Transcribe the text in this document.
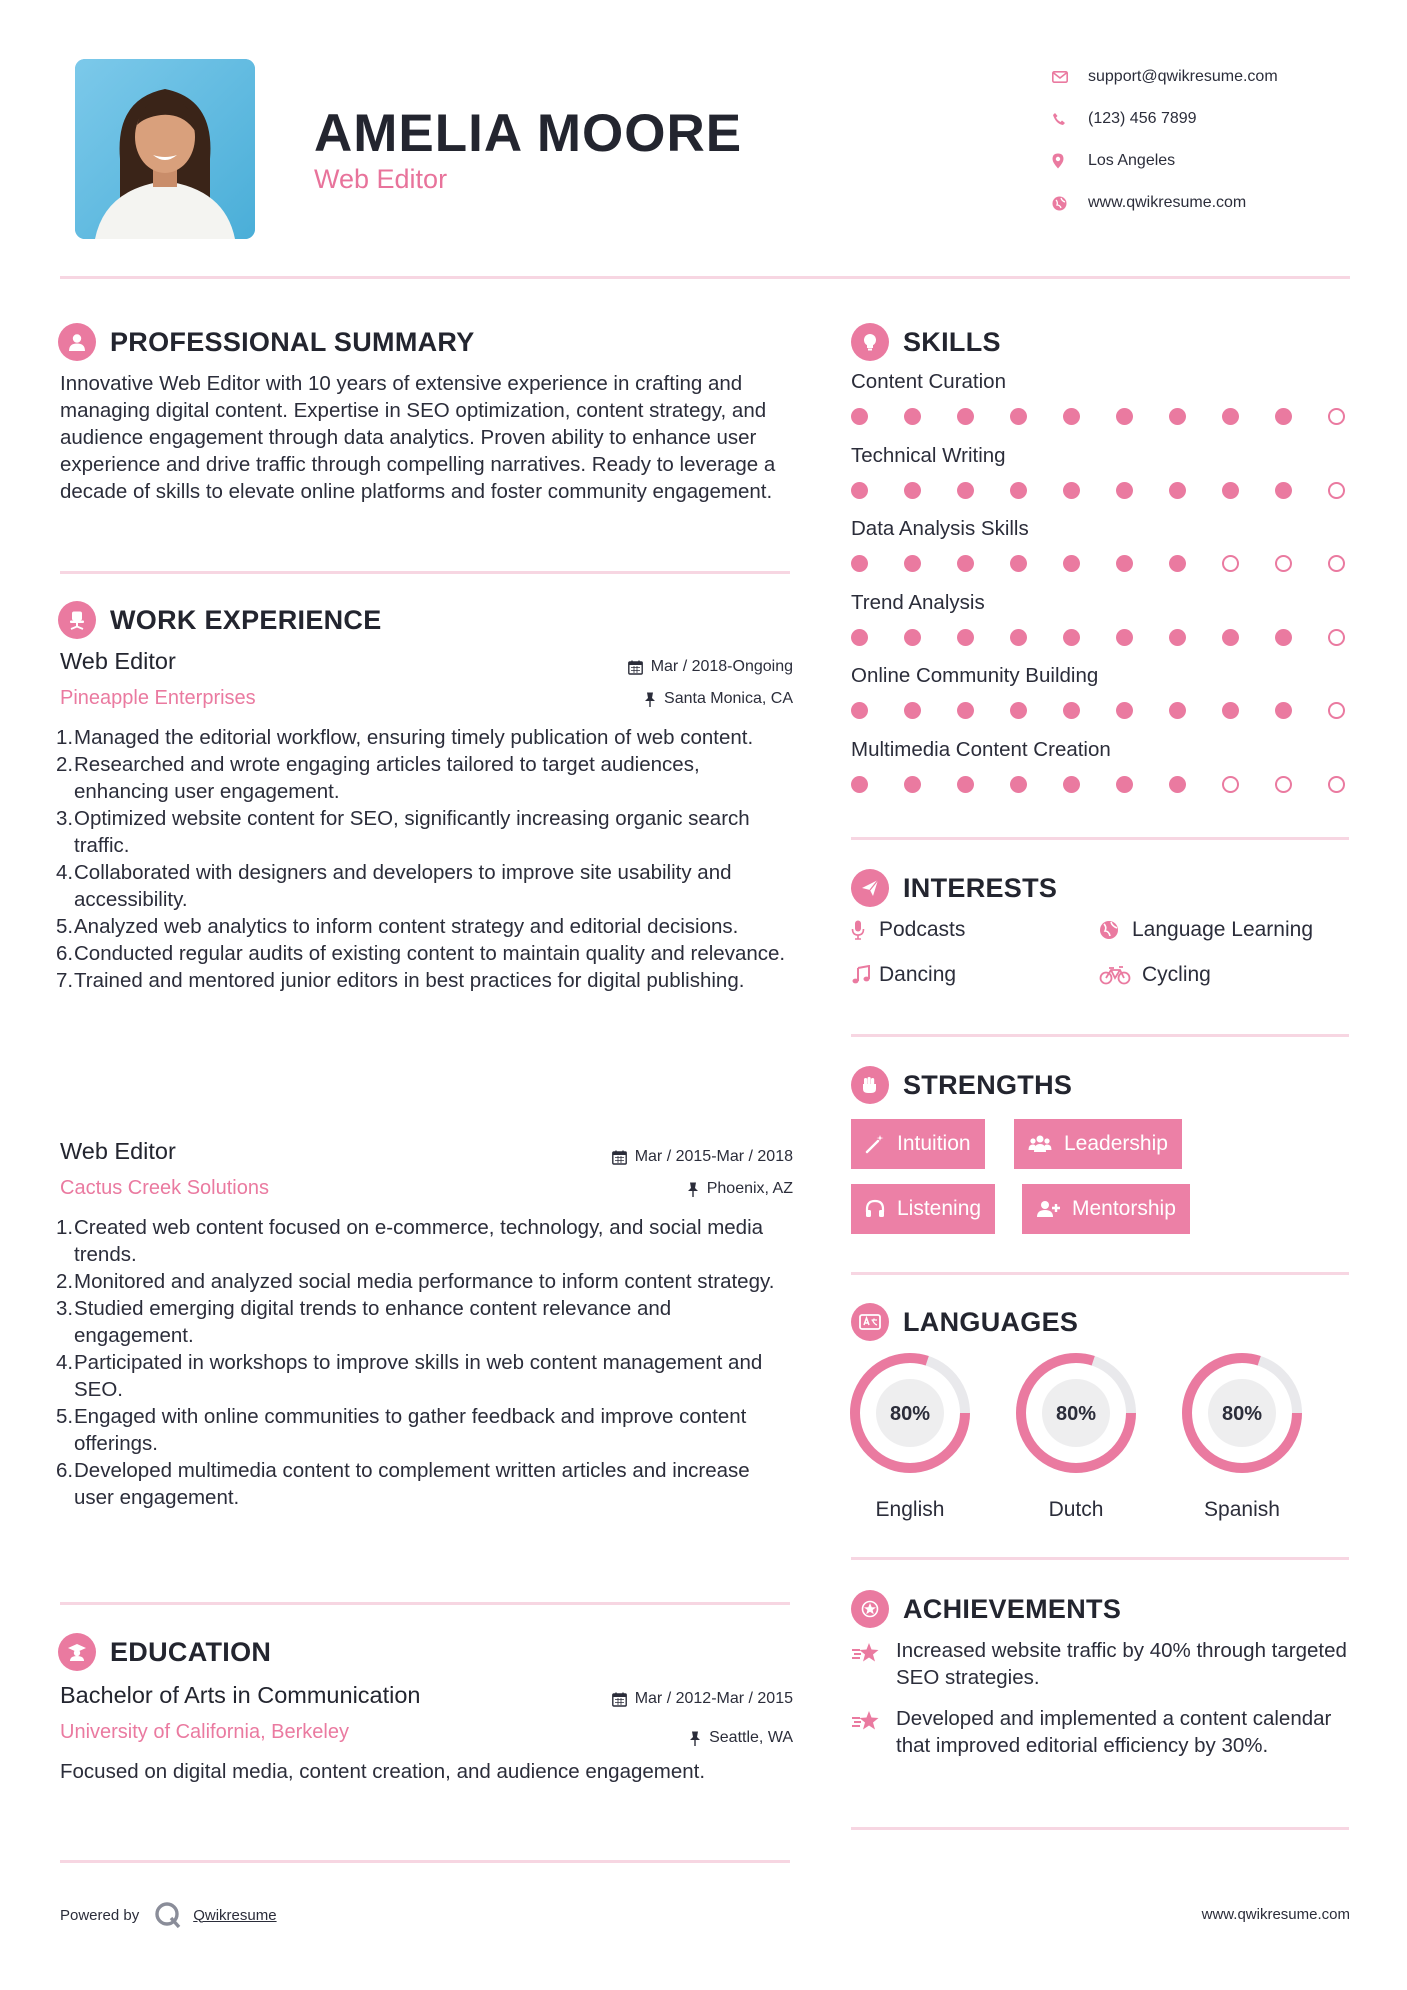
AMELIA MOORE
Web Editor
support@qwikresume.com
(123) 456 7899
Los Angeles
www.qwikresume.com
PROFESSIONAL SUMMARY
Innovative Web Editor with 10 years of extensive experience in crafting and managing digital content. Expertise in SEO optimization, content strategy, and audience engagement through data analytics. Proven ability to enhance user experience and drive traffic through compelling narratives. Ready to leverage a decade of skills to elevate online platforms and foster community engagement.
WORK EXPERIENCE
Web Editor	Mar / 2018-Ongoing
Pineapple Enterprises	Santa Monica, CA
1. Managed the editorial workflow, ensuring timely publication of web content.
2. Researched and wrote engaging articles tailored to target audiences, enhancing user engagement.
3. Optimized website content for SEO, significantly increasing organic search traffic.
4. Collaborated with designers and developers to improve site usability and accessibility.
5. Analyzed web analytics to inform content strategy and editorial decisions.
6. Conducted regular audits of existing content to maintain quality and relevance.
7. Trained and mentored junior editors in best practices for digital publishing.
Web Editor	Mar / 2015-Mar / 2018
Cactus Creek Solutions	Phoenix, AZ
1. Created web content focused on e-commerce, technology, and social media trends.
2. Monitored and analyzed social media performance to inform content strategy.
3. Studied emerging digital trends to enhance content relevance and engagement.
4. Participated in workshops to improve skills in web content management and SEO.
5. Engaged with online communities to gather feedback and improve content offerings.
6. Developed multimedia content to complement written articles and increase user engagement.
EDUCATION
Bachelor of Arts in Communication	Mar / 2012-Mar / 2015
University of California, Berkeley	Seattle, WA
Focused on digital media, content creation, and audience engagement.
SKILLS
Content Curation
Technical Writing
Data Analysis Skills
Trend Analysis
Online Community Building
Multimedia Content Creation
INTERESTS
Podcasts	Language Learning
Dancing	Cycling
STRENGTHS
Intuition	Leadership
Listening	Mentorship
LANGUAGES
80%
English
80%
Dutch
80%
Spanish
ACHIEVEMENTS
Increased website traffic by 40% through targeted SEO strategies.
Developed and implemented a content calendar that improved editorial efficiency by 30%.
Powered by	Qwikresume	www.qwikresume.com
